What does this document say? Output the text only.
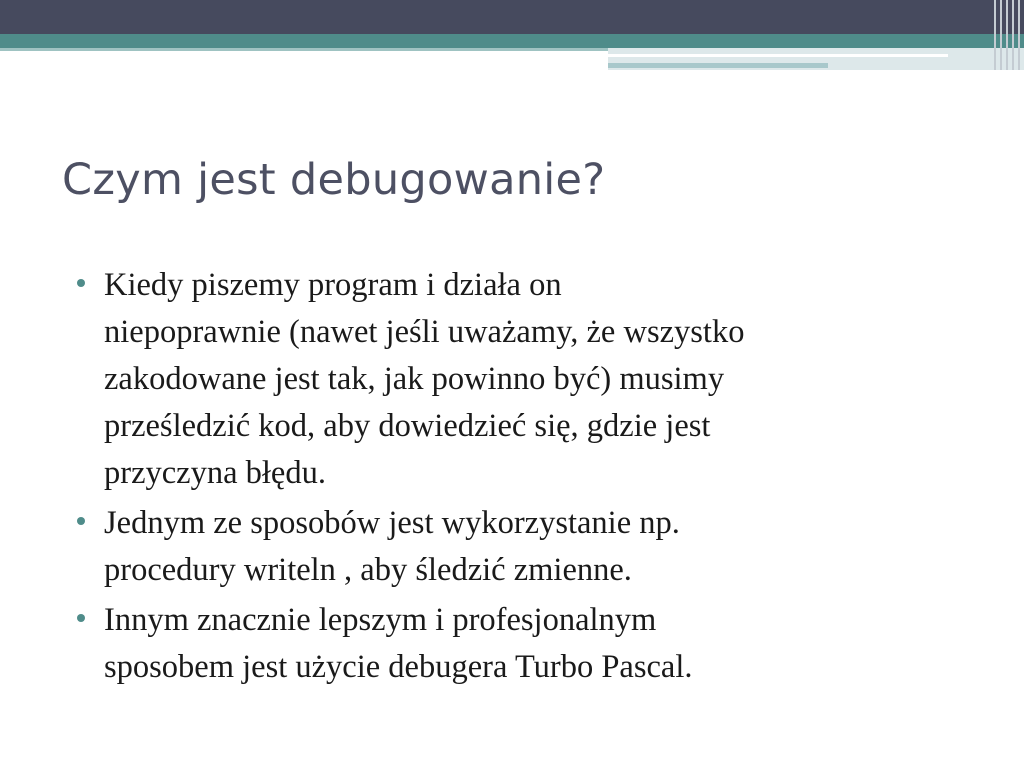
Czym jest debugowanie?
Kiedy piszemy program i działa on
niepoprawnie (nawet jeśli uważamy, że wszystko
zakodowane jest tak, jak powinno być) musimy
prześledzić kod, aby dowiedzieć się, gdzie jest
przyczyna błędu.
Jednym ze sposobów jest wykorzystanie np.
procedury writeln , aby śledzić zmienne.
Innym znacznie lepszym i profesjonalnym
sposobem jest użycie debugera Turbo Pascal.
